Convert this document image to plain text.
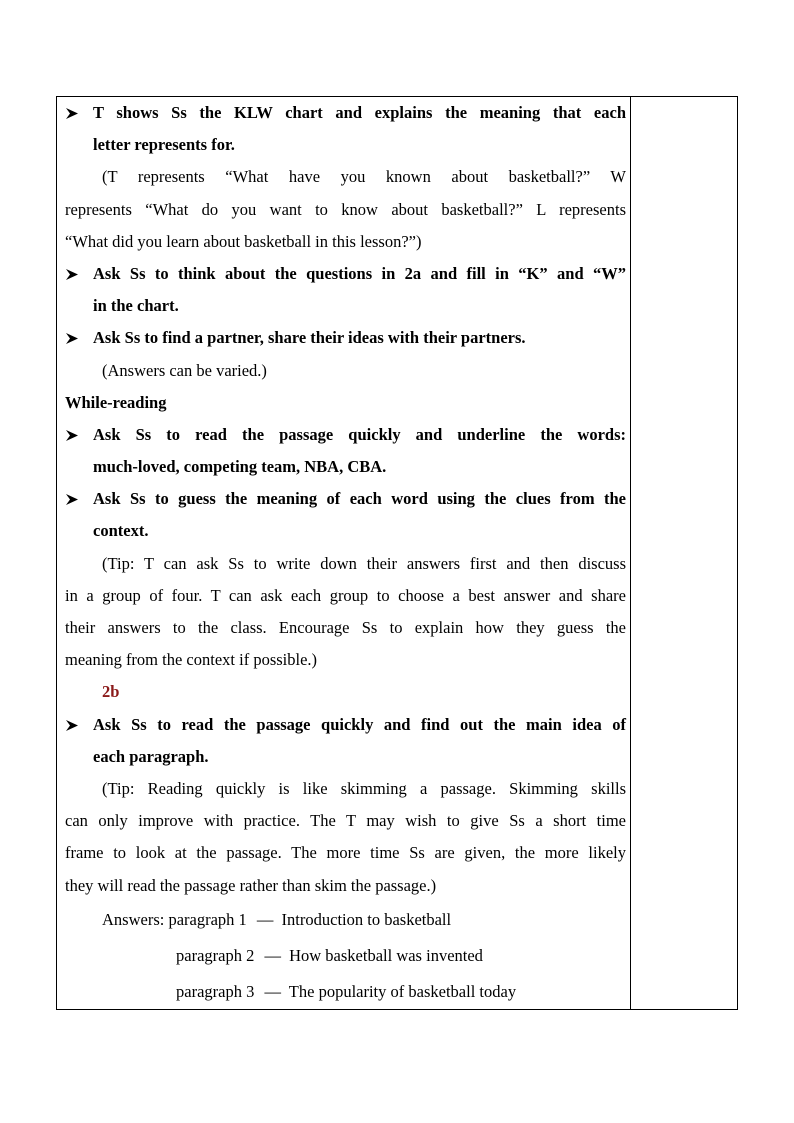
T shows Ss the KLW chart and explains the meaning that each
letter represents for.
(T represents “What have you known about basketball?” W
represents “What do you want to know about basketball?” L represents
“What did you learn about basketball in this lesson?”)
Ask Ss to think about the questions in 2a and fill in “K” and “W”
in the chart.
Ask Ss to find a partner, share their ideas with their partners.
(Answers can be varied.)
While-reading
Ask Ss to read the passage quickly and underline the words:
much-loved, competing team, NBA, CBA.
Ask Ss to guess the meaning of each word using the clues from the
context.
(Tip: T can ask Ss to write down their answers first and then discuss
in a group of four. T can ask each group to choose a best answer and share
their answers to the class. Encourage Ss to explain how they guess the
meaning from the context if possible.)
2b
Ask Ss to read the passage quickly and find out the main idea of
each paragraph.
(Tip: Reading quickly is like skimming a passage. Skimming skills
can only improve with practice. The T may wish to give Ss a short time
frame to look at the passage. The more time Ss are given, the more likely
they will read the passage rather than skim the passage.)
Answers: paragraph 1 — Introduction to basketball
paragraph 2 — How basketball was invented
paragraph 3 — The popularity of basketball today
